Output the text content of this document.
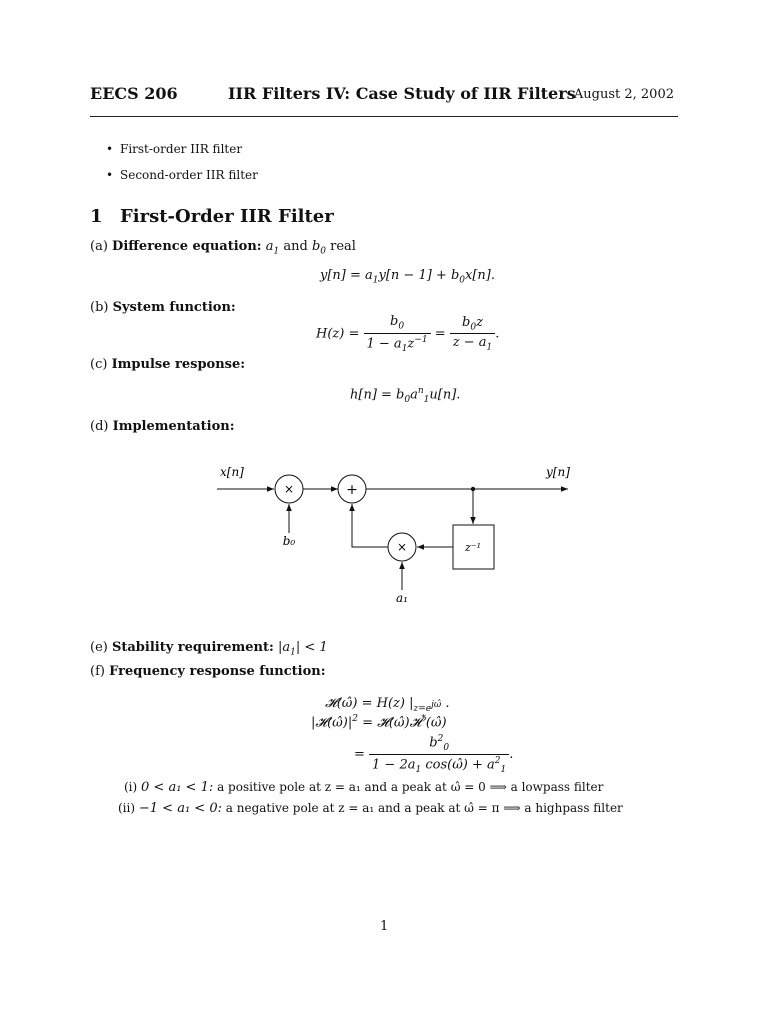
EECS 206	IIR Filters IV: Case Study of IIR Filters
August 2, 2002
• First-order IIR filter
• Second-order IIR filter
1 First-Order IIR Filter
(a) Difference equation: $a_1$ and $b_0$ real
$y[n] = a_1y[n - 1] + b_0x[n]$.
(b) System function:
$H(z) = \frac{b_0}{1 - a_1z^{-1}} = \frac{b_0z}{z - a_1}$ .
(c) Impulse response:
$h[n] = b_0a^n_1u[n]$.
(d) Implementation:
x[n]	y[n]
×	+
×	z⁻¹
b₀
a₁
(e) Stability requirement: $|a_1| < 1$
(f) Frequency response function:
𝓗(ω̂) = H(z) $|_{z=e^{j\omegâ}}$ .
$|𝓗(\omegâ)|^2$ = 𝓗(ω̂)𝓗*(ω̂)
= $\frac{b^2_0}{1 - 2a_1 \cos(\omegâ) + a^2_1}$ .
(i) 0 < a₁ < 1: a positive pole at z = a₁ and a peak at ω̂ = 0 ⟹ a lowpass filter
(ii) −1 < a₁ < 0: a negative pole at z = a₁ and a peak at ω̂ = π ⟹ a highpass filter
1
